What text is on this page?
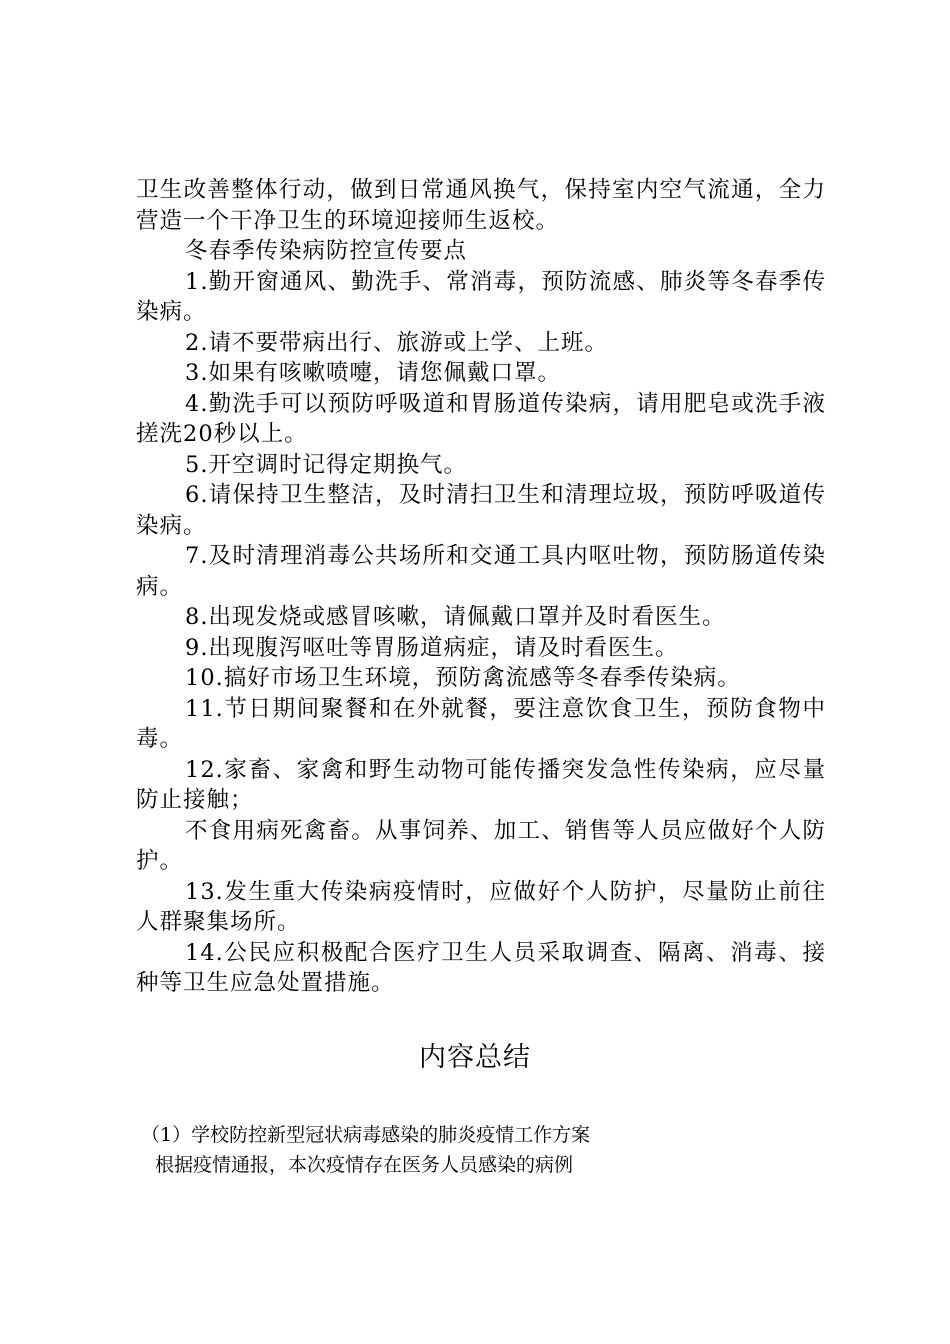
卫生改善整体行动，做到日常通风换气，保持室内空气流通，全力营造一个干净卫生的环境迎接师生返校。

冬春季传染病防控宣传要点

1.勤开窗通风、勤洗手、常消毒，预防流感、肺炎等冬春季传染病。

2.请不要带病出行、旅游或上学、上班。

3.如果有咳嗽喷嚏，请您佩戴口罩。

4.勤洗手可以预防呼吸道和胃肠道传染病，请用肥皂或洗手液搓洗20秒以上。

5.开空调时记得定期换气。

6.请保持卫生整洁，及时清扫卫生和清理垃圾，预防呼吸道传染病。

7.及时清理消毒公共场所和交通工具内呕吐物，预防肠道传染病。

8.出现发烧或感冒咳嗽，请佩戴口罩并及时看医生。

9.出现腹泻呕吐等胃肠道病症，请及时看医生。

10.搞好市场卫生环境，预防禽流感等冬春季传染病。

11.节日期间聚餐和在外就餐，要注意饮食卫生，预防食物中毒。

12.家畜、家禽和野生动物可能传播突发急性传染病，应尽量防止接触；

不食用病死禽畜。从事饲养、加工、销售等人员应做好个人防护。

13.发生重大传染病疫情时，应做好个人防护，尽量防止前往人群聚集场所。

14.公民应积极配合医疗卫生人员采取调查、隔离、消毒、接种等卫生应急处置措施。

内容总结

（1）学校防控新型冠状病毒感染的肺炎疫情工作方案

根据疫情通报，本次疫情存在医务人员感染的病例
